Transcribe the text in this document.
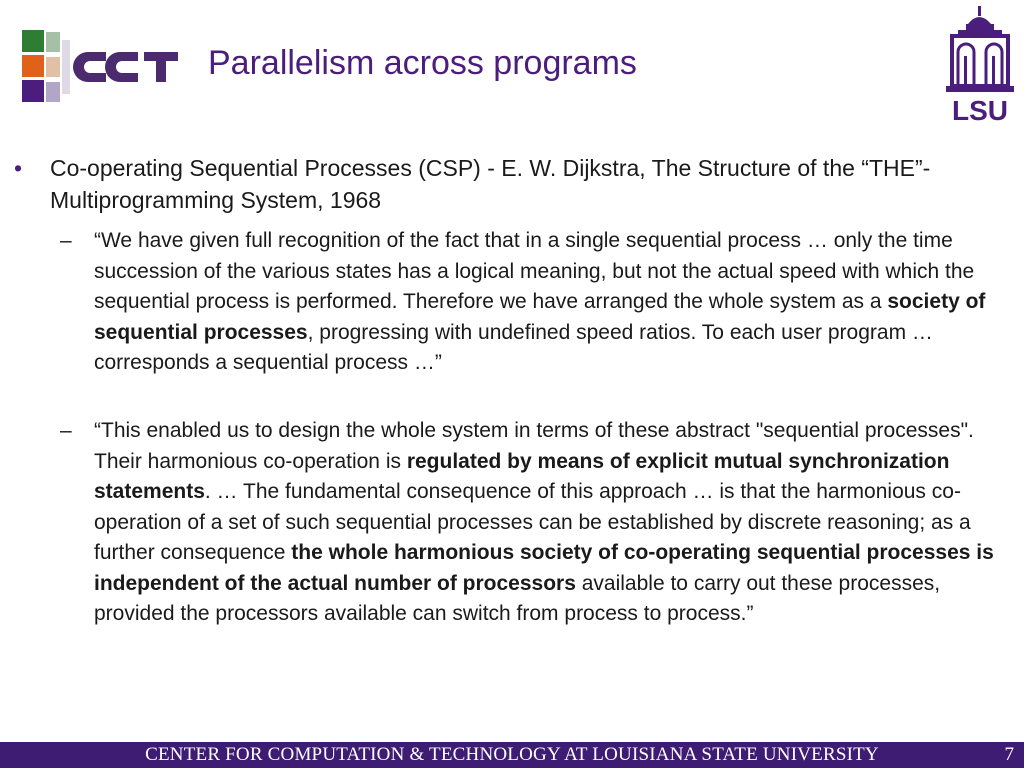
Parallelism across programs
LSU
• Co-operating Sequential Processes (CSP) - E. W. Dijkstra, The Structure of the “THE”-Multiprogramming System, 1968
– “We have given full recognition of the fact that in a single sequential process … only the time succession of the various states has a logical meaning, but not the actual speed with which the sequential process is performed. Therefore we have arranged the whole system as a society of sequential processes, progressing with undefined speed ratios. To each user program … corresponds a sequential process …”
– “This enabled us to design the whole system in terms of these abstract "sequential processes". Their harmonious co-operation is regulated by means of explicit mutual synchronization statements. … The fundamental consequence of this approach … is that the harmonious co-operation of a set of such sequential processes can be established by discrete reasoning; as a further consequence the whole harmonious society of co-operating sequential processes is independent of the actual number of processors available to carry out these processes, provided the processors available can switch from process to process.”
CENTER FOR COMPUTATION & TECHNOLOGY AT LOUISIANA STATE UNIVERSITY	7
